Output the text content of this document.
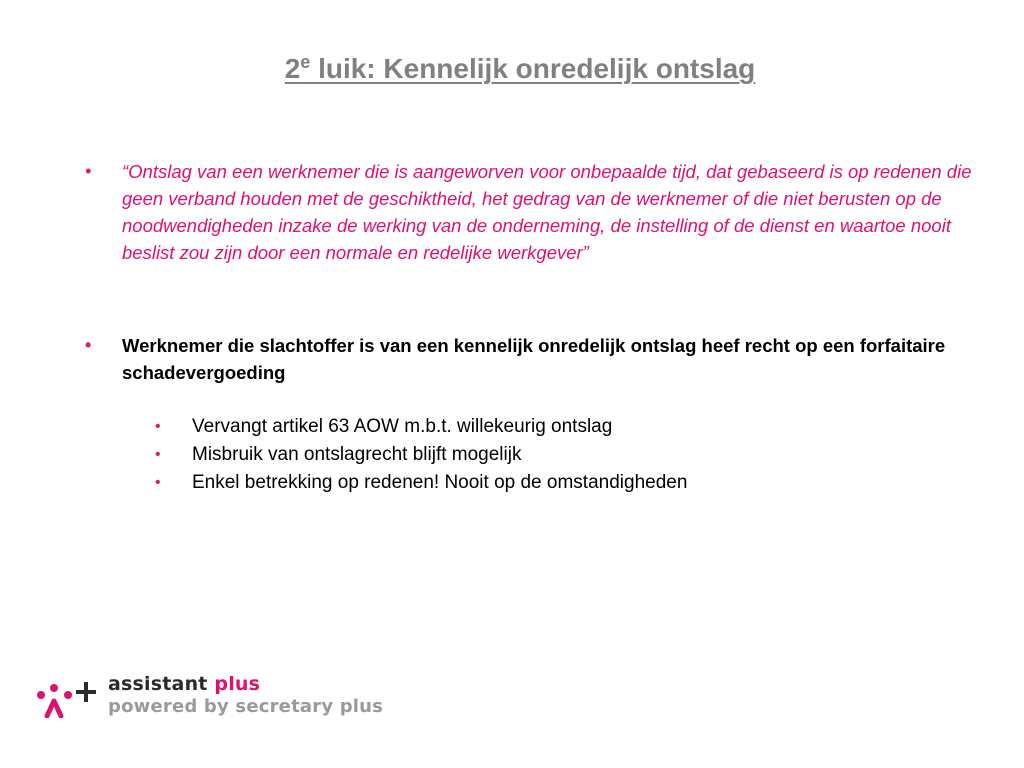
2e luik: Kennelijk onredelijk ontslag
• “Ontslag van een werknemer die is aangeworven voor onbepaalde tijd, dat gebaseerd is op redenen die geen verband houden met de geschiktheid, het gedrag van de werknemer of die niet berusten op de noodwendigheden inzake de werking van de onderneming, de instelling of de dienst en waartoe nooit beslist zou zijn door een normale en redelijke werkgever”
• Werknemer die slachtoffer is van een kennelijk onredelijk ontslag heef recht op een forfaitaire schadevergoeding
• Vervangt artikel 63 AOW m.b.t. willekeurig ontslag
• Misbruik van ontslagrecht blijft mogelijk
• Enkel betrekking op redenen! Nooit op de omstandigheden
assistant plus
powered by secretary plus
